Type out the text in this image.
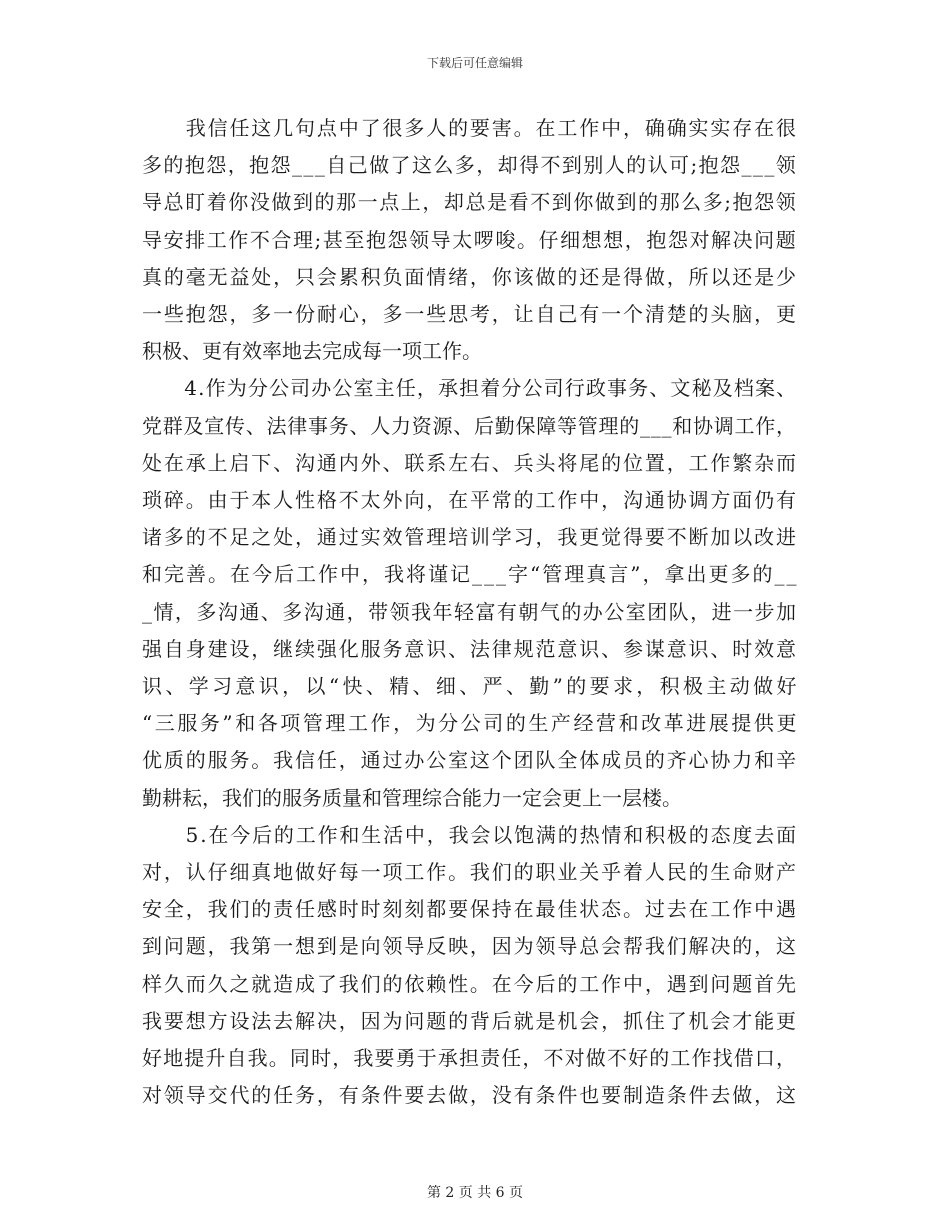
下载后可任意编辑
　　我信任这几句点中了很多人的要害。在工作中，确确实实存在很
多的抱怨，抱怨___自己做了这么多，却得不到别人的认可;抱怨___领
导总盯着你没做到的那一点上，却总是看不到你做到的那么多;抱怨领
导安排工作不合理;甚至抱怨领导太啰唆。仔细想想，抱怨对解决问题
真的毫无益处，只会累积负面情绪，你该做的还是得做，所以还是少
一些抱怨，多一份耐心，多一些思考，让自己有一个清楚的头脑，更
积极、更有效率地去完成每一项工作。
　　4.作为分公司办公室主任，承担着分公司行政事务、文秘及档案、
党群及宣传、法律事务、人力资源、后勤保障等管理的___和协调工作，
处在承上启下、沟通内外、联系左右、兵头将尾的位置，工作繁杂而
琐碎。由于本人性格不太外向，在平常的工作中，沟通协调方面仍有
诸多的不足之处，通过实效管理培训学习，我更觉得要不断加以改进
和完善。在今后工作中，我将谨记___字“管理真言”，拿出更多的__
_情，多沟通、多沟通，带领我年轻富有朝气的办公室团队，进一步加
强自身建设，继续强化服务意识、法律规范意识、参谋意识、时效意
识、学习意识，以“快、精、细、严、勤”的要求，积极主动做好
“三服务”和各项管理工作，为分公司的生产经营和改革进展提供更
优质的服务。我信任，通过办公室这个团队全体成员的齐心协力和辛
勤耕耘，我们的服务质量和管理综合能力一定会更上一层楼。
　　5.在今后的工作和生活中，我会以饱满的热情和积极的态度去面
对，认仔细真地做好每一项工作。我们的职业关乎着人民的生命财产
安全，我们的责任感时时刻刻都要保持在最佳状态。过去在工作中遇
到问题，我第一想到是向领导反映，因为领导总会帮我们解决的，这
样久而久之就造成了我们的依赖性。在今后的工作中，遇到问题首先
我要想方设法去解决，因为问题的背后就是机会，抓住了机会才能更
好地提升自我。同时，我要勇于承担责任，不对做不好的工作找借口，
对领导交代的任务，有条件要去做，没有条件也要制造条件去做，这
第 2 页 共 6 页
